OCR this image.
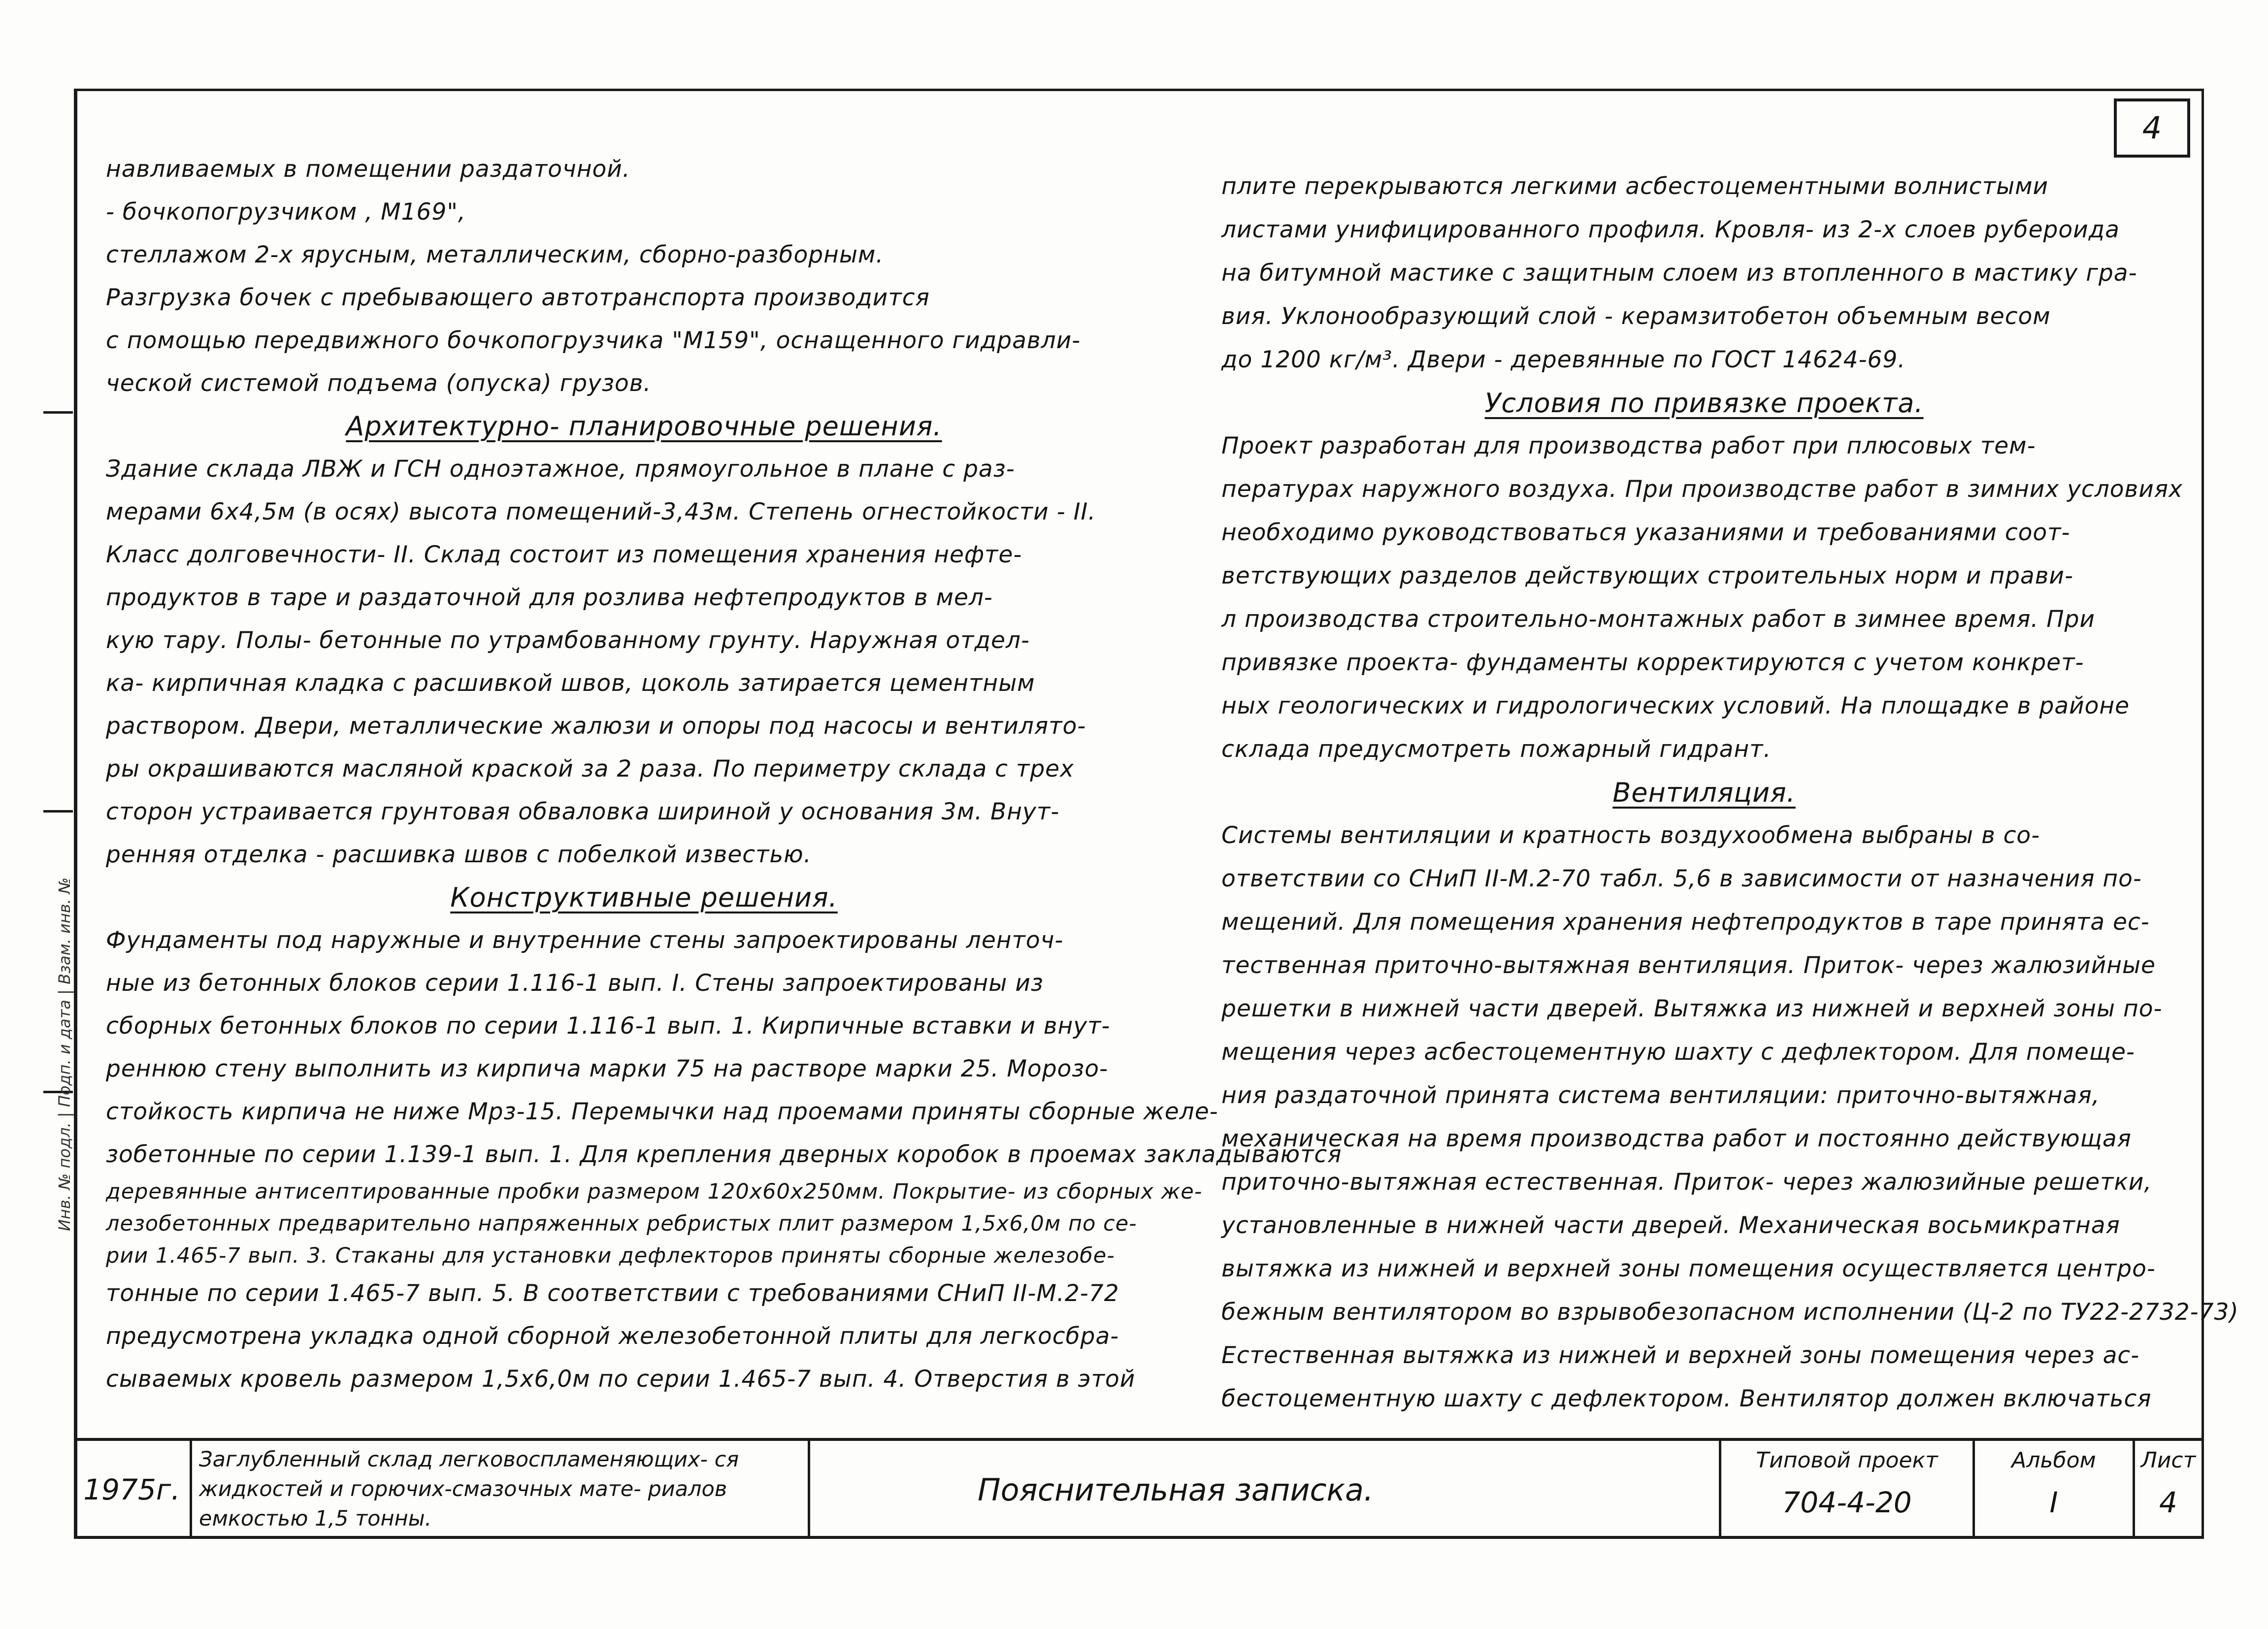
4
Инв. № подл. | Подп. и дата | Взам. инв. №
навливаемых в помещении раздаточной.
- бочкопогрузчиком , М169",
стеллажом 2-х ярусным, металлическим, сборно-разборным.
Разгрузка бочек с пребывающего автотранспорта производится
с помощью передвижного бочкопогрузчика "М159", оснащенного гидравли-
ческой системой подъема (опуска) грузов.
Архитектурно- планировочные решения.
Здание склада ЛВЖ и ГСН одноэтажное, прямоугольное в плане с раз-
мерами 6х4,5м (в осях) высота помещений-3,43м. Степень огнестойкости - II.
Класс долговечности- II. Склад состоит из помещения хранения нефте-
продуктов в таре и раздаточной для розлива нефтепродуктов в мел-
кую тару. Полы- бетонные по утрамбованному грунту. Наружная отдел-
ка- кирпичная кладка с расшивкой швов, цоколь затирается цементным
раствором. Двери, металлические жалюзи и опоры под насосы и вентилято-
ры окрашиваются масляной краской за 2 раза. По периметру склада с трех
сторон устраивается грунтовая обваловка шириной у основания 3м. Внут-
ренняя отделка - расшивка швов с побелкой известью.
Конструктивные решения.
Фундаменты под наружные и внутренние стены запроектированы ленточ-
ные из бетонных блоков серии 1.116-1 вып. I. Стены запроектированы из
сборных бетонных блоков по серии 1.116-1 вып. 1. Кирпичные вставки и внут-
реннюю стену выполнить из кирпича марки 75 на растворе марки 25. Морозо-
стойкость кирпича не ниже Мрз-15. Перемычки над проемами приняты сборные желе-
зобетонные по серии 1.139-1 вып. 1. Для крепления дверных коробок в проемах закладываются
деревянные антисептированные пробки размером 120х60х250мм. Покрытие- из сборных же-
лезобетонных предварительно напряженных ребристых плит размером 1,5х6,0м по се-
рии 1.465-7 вып. 3. Стаканы для установки дефлекторов приняты сборные железобе-
тонные по серии 1.465-7 вып. 5. В соответствии с требованиями СНиП II-М.2-72
предусмотрена укладка одной сборной железобетонной плиты для легкосбра-
сываемых кровель размером 1,5х6,0м по серии 1.465-7 вып. 4. Отверстия в этой
плите перекрываются легкими асбестоцементными волнистыми
листами унифицированного профиля. Кровля- из 2-х слоев рубероида
на битумной мастике с защитным слоем из втопленного в мастику гра-
вия. Уклонообразующий слой - керамзитобетон объемным весом
до 1200 кг/м³. Двери - деревянные по ГОСТ 14624-69.
Условия по привязке проекта.
Проект разработан для производства работ при плюсовых тем-
пературах наружного воздуха. При производстве работ в зимних условиях
необходимо руководствоваться указаниями и требованиями соот-
ветствующих разделов действующих строительных норм и прави-
л производства строительно-монтажных работ в зимнее время. При
привязке проекта- фундаменты корректируются с учетом конкрет-
ных геологических и гидрологических условий. На площадке в районе
склада предусмотреть пожарный гидрант.
Вентиляция.
Системы вентиляции и кратность воздухообмена выбраны в со-
ответствии со СНиП II-М.2-70 табл. 5,6 в зависимости от назначения по-
мещений. Для помещения хранения нефтепродуктов в таре принята ес-
тественная приточно-вытяжная вентиляция. Приток- через жалюзийные
решетки в нижней части дверей. Вытяжка из нижней и верхней зоны по-
мещения через асбестоцементную шахту с дефлектором. Для помеще-
ния раздаточной принята система вентиляции: приточно-вытяжная,
механическая на время производства работ и постоянно действующая
приточно-вытяжная естественная. Приток- через жалюзийные решетки,
установленные в нижней части дверей. Механическая восьмикратная
вытяжка из нижней и верхней зоны помещения осуществляется центро-
бежным вентилятором во взрывобезопасном исполнении (Ц-2 по ТУ22-2732-73)
Естественная вытяжка из нижней и верхней зоны помещения через ас-
бестоцементную шахту с дефлектором. Вентилятор должен включаться
1975г.
Заглубленный склад легковоспламеняющих- ся жидкостей и горючих-смазочных мате- риалов емкостью 1,5 тонны.
Пояснительная записка.
Типовой проект
704-4-20
Альбом
I
Лист
4
